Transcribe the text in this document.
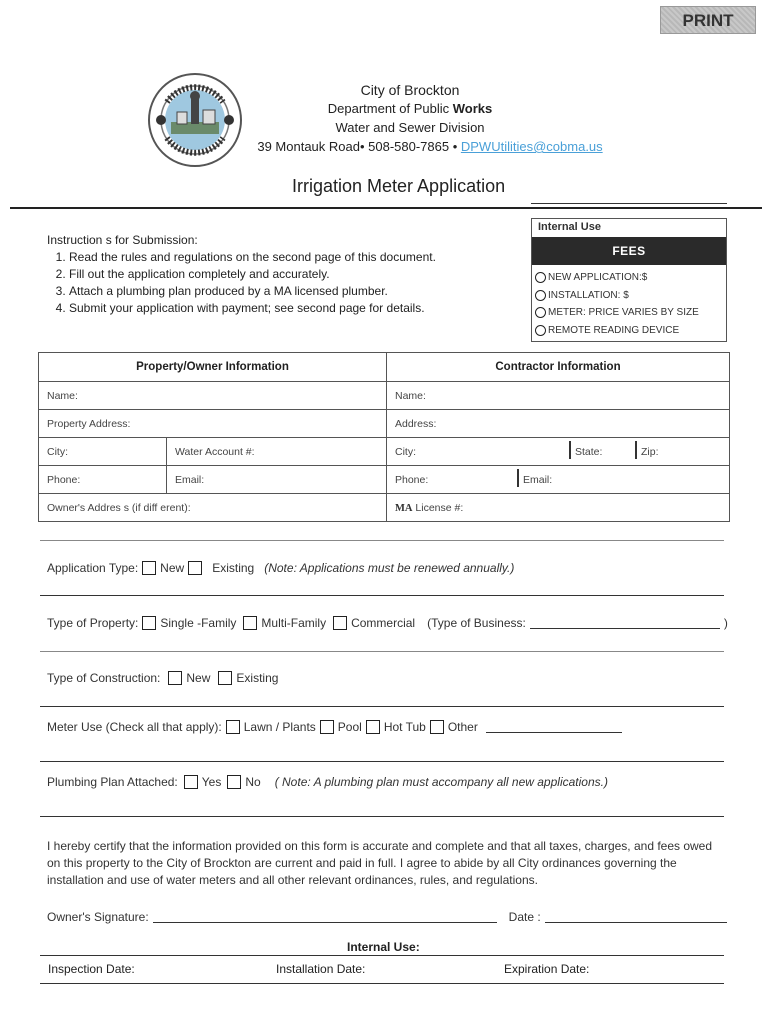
PRINT
City of Brockton
Department of Public Works
Water and Sewer Division
39 Montauk Road• 508-580-7865 • DPWUtilities@cobma.us
Irrigation Meter Application
Internal Use
FEES
NEW APPLICATION:$
INSTALLATION: $
METER: PRICE VARIES BY SIZE
REMOTE READING DEVICE
Instruction s for Submission:
1. Read the rules and regulations on the second page of this document.
2. Fill out the application completely and accurately.
3. Attach a plumbing plan produced by a MA licensed plumber.
4. Submit your application with payment; see second page for details.
Property/Owner Information		Contractor Information
Name:		Name:
Property Address:		Address:
City:	Water Account #:	City: State: Zip:

Phone:	Email:	Phone: Email:

Owner's Addres s (if diff erent):		MA License #:
Application Type: New Existing (Note: Applications must be renewed annually.)
Type of Property: Single -Family Multi-Family Commercial (Type of Business:	)
Type of Construction: New Existing
Meter Use (Check all that apply): Lawn / Plants Pool Hot Tub Other
Plumbing Plan Attached: Yes No ( Note: A plumbing plan must accompany all new applications.)
I hereby certify that the information provided on this form is accurate and complete and that all taxes, charges, and fees owed on this property to the City of Brockton are current and paid in full. I agree to abide by all City ordinances governing the installation and use of water meters and all other relevant ordinances, rules, and regulations.
Owner's Signature:	Date :
Internal Use:
Inspection Date:	Installation Date:	Expiration Date:
